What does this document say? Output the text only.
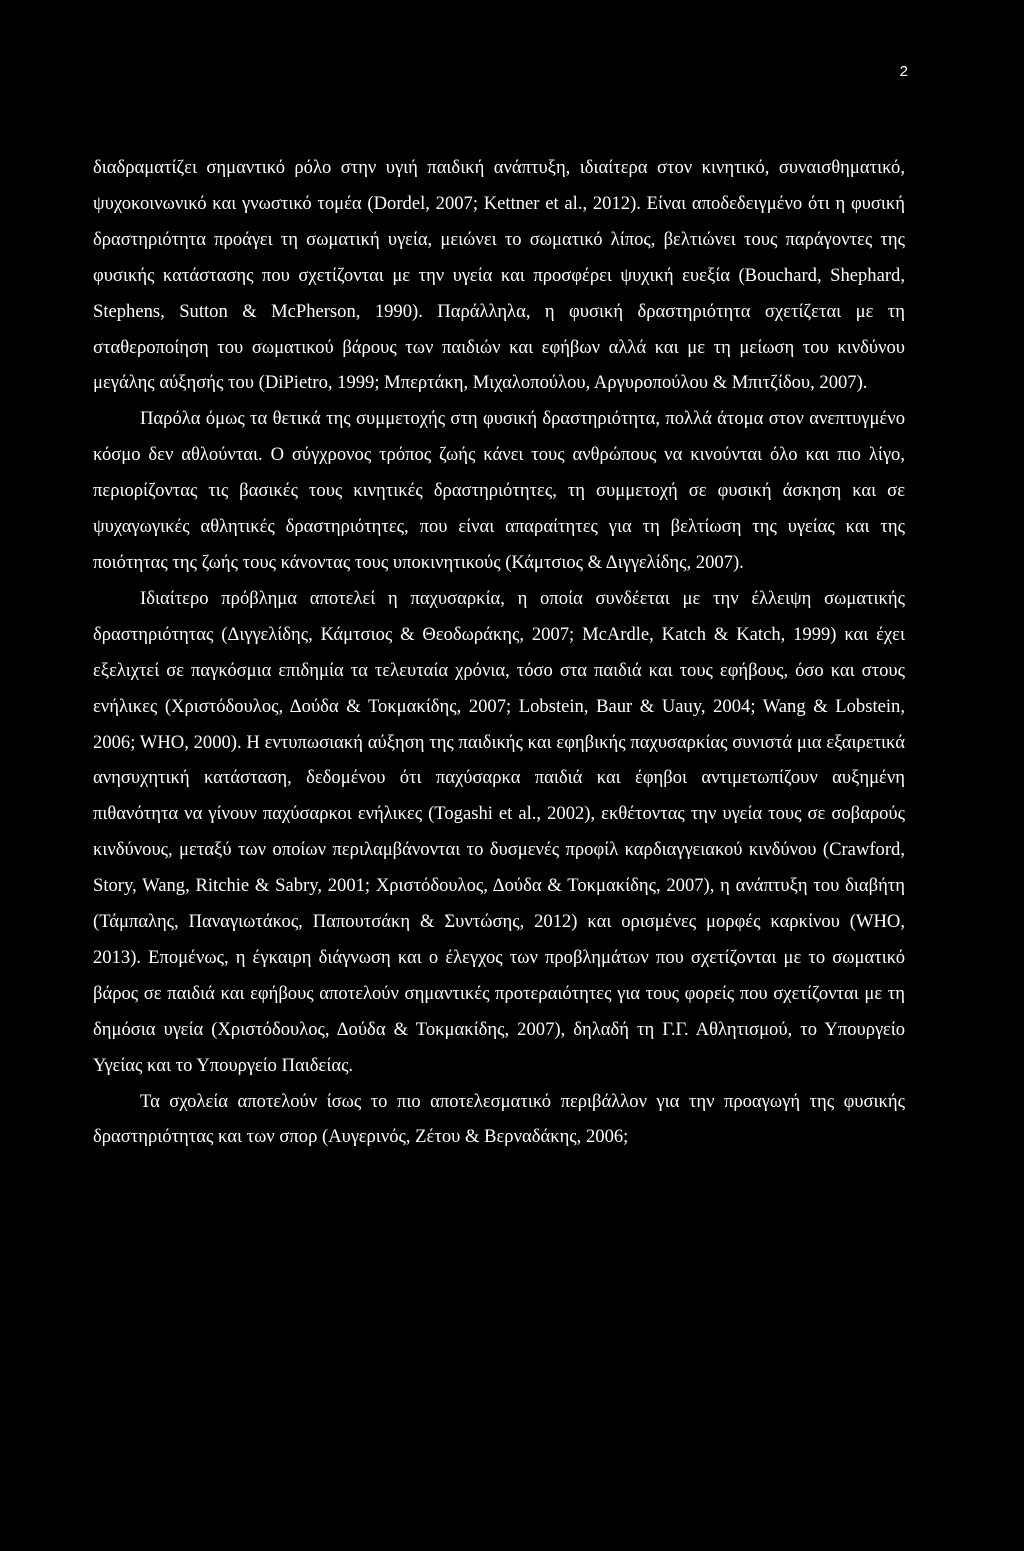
2

διαδραματίζει σημαντικό ρόλο στην υγιή παιδική ανάπτυξη, ιδιαίτερα στον κινητικό, συναισθηματικό, ψυχοκοινωνικό και γνωστικό τομέα (Dordel, 2007; Kettner et al., 2012). Είναι αποδεδειγμένο ότι η φυσική δραστηριότητα προάγει τη σωματική υγεία, μειώνει το σωματικό λίπος, βελτιώνει τους παράγοντες της φυσικής κατάστασης που σχετίζονται με την υγεία και προσφέρει ψυχική ευεξία (Bouchard, Shephard, Stephens, Sutton & McPherson, 1990). Παράλληλα, η φυσική δραστηριότητα σχετίζεται με τη σταθεροποίηση του σωματικού βάρους των παιδιών και εφήβων αλλά και με τη μείωση του κινδύνου μεγάλης αύξησής του (DiPietro, 1999; Μπερτάκη, Μιχαλοπούλου, Αργυροπούλου & Μπιτζίδου, 2007).

Παρόλα όμως τα θετικά της συμμετοχής στη φυσική δραστηριότητα, πολλά άτομα στον ανεπτυγμένο κόσμο δεν αθλούνται. Ο σύγχρονος τρόπος ζωής κάνει τους ανθρώπους να κινούνται όλο και πιο λίγο, περιορίζοντας τις βασικές τους κινητικές δραστηριότητες, τη συμμετοχή σε φυσική άσκηση και σε ψυχαγωγικές αθλητικές δραστηριότητες, που είναι απαραίτητες για τη βελτίωση της υγείας και της ποιότητας της ζωής τους κάνοντας τους υποκινητικούς (Κάμτσιος & Διγγελίδης, 2007).

Ιδιαίτερο πρόβλημα αποτελεί η παχυσαρκία, η οποία συνδέεται με την έλλειψη σωματικής δραστηριότητας (Διγγελίδης, Κάμτσιος & Θεοδωράκης, 2007; McArdle, Katch & Katch, 1999) και έχει εξελιχτεί σε παγκόσμια επιδημία τα τελευταία χρόνια, τόσο στα παιδιά και τους εφήβους, όσο και στους ενήλικες (Χριστόδουλος, Δούδα & Τοκμακίδης, 2007; Lobstein, Baur & Uauy, 2004; Wang & Lobstein, 2006; WHO, 2000). Η εντυπωσιακή αύξηση της παιδικής και εφηβικής παχυσαρκίας συνιστά μια εξαιρετικά ανησυχητική κατάσταση, δεδομένου ότι παχύσαρκα παιδιά και έφηβοι αντιμετωπίζουν αυξημένη πιθανότητα να γίνουν παχύσαρκοι ενήλικες (Togashi et al., 2002), εκθέτοντας την υγεία τους σε σοβαρούς κινδύνους, μεταξύ των οποίων περιλαμβάνονται το δυσμενές προφίλ καρδιαγγειακού κινδύνου (Crawford, Story, Wang, Ritchie & Sabry, 2001; Χριστόδουλος, Δούδα & Τοκμακίδης, 2007), η ανάπτυξη του διαβήτη (Τάμπαλης, Παναγιωτάκος, Παπουτσάκη & Συντώσης, 2012) και ορισμένες μορφές καρκίνου (WHO, 2013). Επομένως, η έγκαιρη διάγνωση και ο έλεγχος των προβλημάτων που σχετίζονται με το σωματικό βάρος σε παιδιά και εφήβους αποτελούν σημαντικές προτεραιότητες για τους φορείς που σχετίζονται με τη δημόσια υγεία (Χριστόδουλος, Δούδα & Τοκμακίδης, 2007), δηλαδή τη Γ.Γ. Αθλητισμού, το Υπουργείο Υγείας και το Υπουργείο Παιδείας.

Τα σχολεία αποτελούν ίσως το πιο αποτελεσματικό περιβάλλον για την προαγωγή της φυσικής δραστηριότητας και των σπορ (Αυγερινός, Ζέτου & Βερναδάκης, 2006;
